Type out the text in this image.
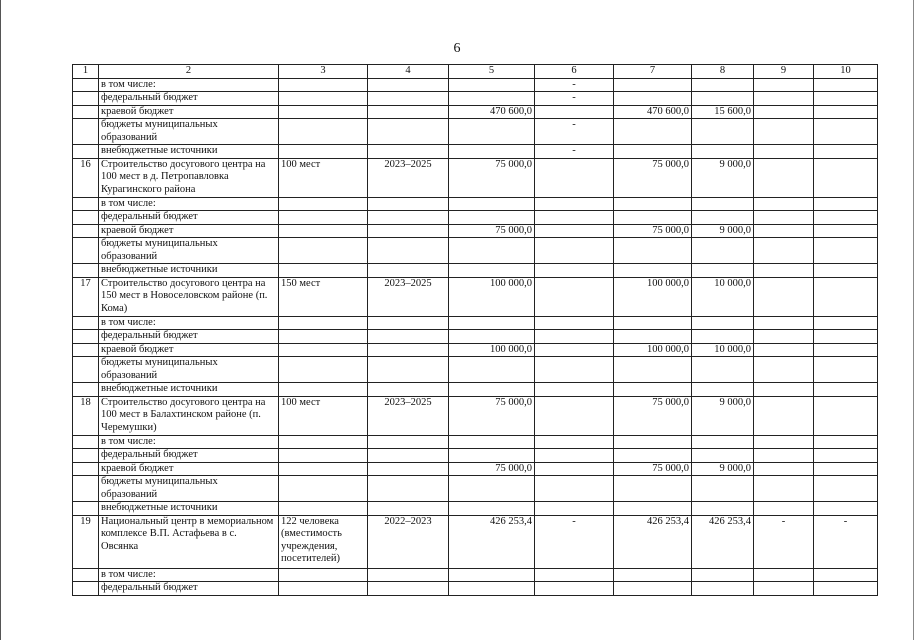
6
1	2	3	4	5	6	7	8	9	10
	в том числе:				-				
	федеральный бюджет				-				
	краевой бюджет			470 600,0		470 600,0	15 600,0		
	бюджеты муниципальных образований				-				
	внебюджетные источники				-				
16	Строительство досугового центра на 100 мест в д. Петропавловка Курагинского района	100 мест	2023–2025	75 000,0		75 000,0	9 000,0		
	в том числе:								
	федеральный бюджет								
	краевой бюджет			75 000,0		75 000,0	9 000,0		
	бюджеты муниципальных образований								
	внебюджетные источники								
17	Строительство досугового центра на 150 мест в Новоселовском районе (п. Кома)	150 мест	2023–2025	100 000,0		100 000,0	10 000,0		
	в том числе:								
	федеральный бюджет								
	краевой бюджет			100 000,0		100 000,0	10 000,0		
	бюджеты муниципальных образований								
	внебюджетные источники								
18	Строительство досугового центра на 100 мест в Балахтинском районе (п. Черемушки)	100 мест	2023–2025	75 000,0		75 000,0	9 000,0		
	в том числе:								
	федеральный бюджет								
	краевой бюджет			75 000,0		75 000,0	9 000,0		
	бюджеты муниципальных образований								
	внебюджетные источники								
19	Национальный центр в мемориальном комплексе В.П. Астафьева в с. Овсянка	122 человека (вместимость учреждения, посетителей)	2022–2023	426 253,4	-	426 253,4	426 253,4	-	-
	в том числе:								
	федеральный бюджет								
